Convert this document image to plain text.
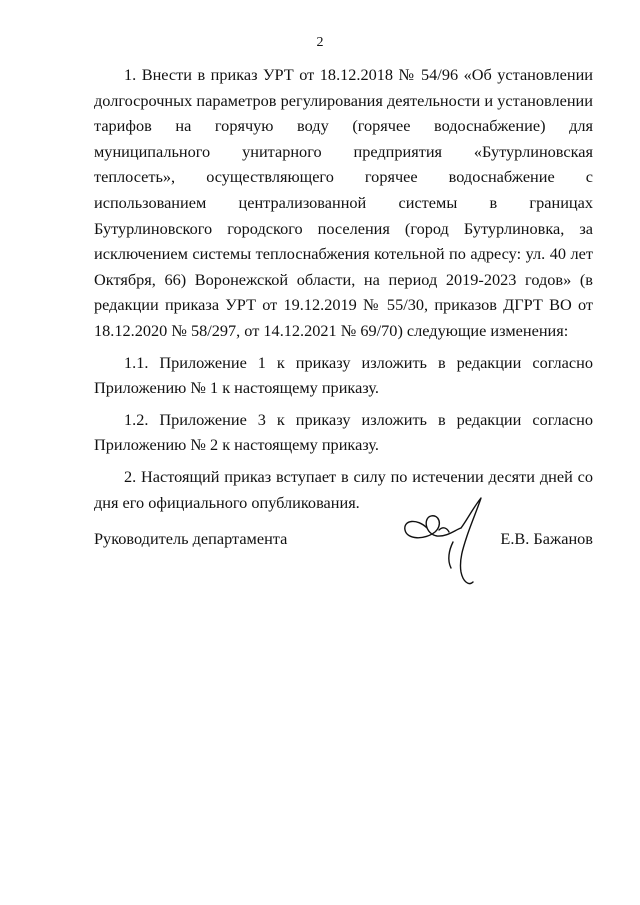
2

1. Внести в приказ УРТ от 18.12.2018 № 54/96 «Об установлении долгосрочных параметров регулирования деятельности и установлении тарифов на горячую воду (горячее водоснабжение) для муниципального унитарного предприятия «Бутурлиновская теплосеть», осуществляющего горячее водоснабжение с использованием централизованной системы в границах Бутурлиновского городского поселения (город Бутурлиновка, за исключением системы теплоснабжения котельной по адресу: ул. 40 лет Октября, 66) Воронежской области, на период 2019-2023 годов» (в редакции приказа УРТ от 19.12.2019 № 55/30, приказов ДГРТ ВО от 18.12.2020 № 58/297, от 14.12.2021 № 69/70) следующие изменения:

1.1. Приложение 1 к приказу изложить в редакции согласно Приложению № 1 к настоящему приказу.

1.2. Приложение 3 к приказу изложить в редакции согласно Приложению № 2 к настоящему приказу.

2. Настоящий приказ вступает в силу по истечении десяти дней со дня его официального опубликования.

Руководитель департамента	Е.В. Бажанов
